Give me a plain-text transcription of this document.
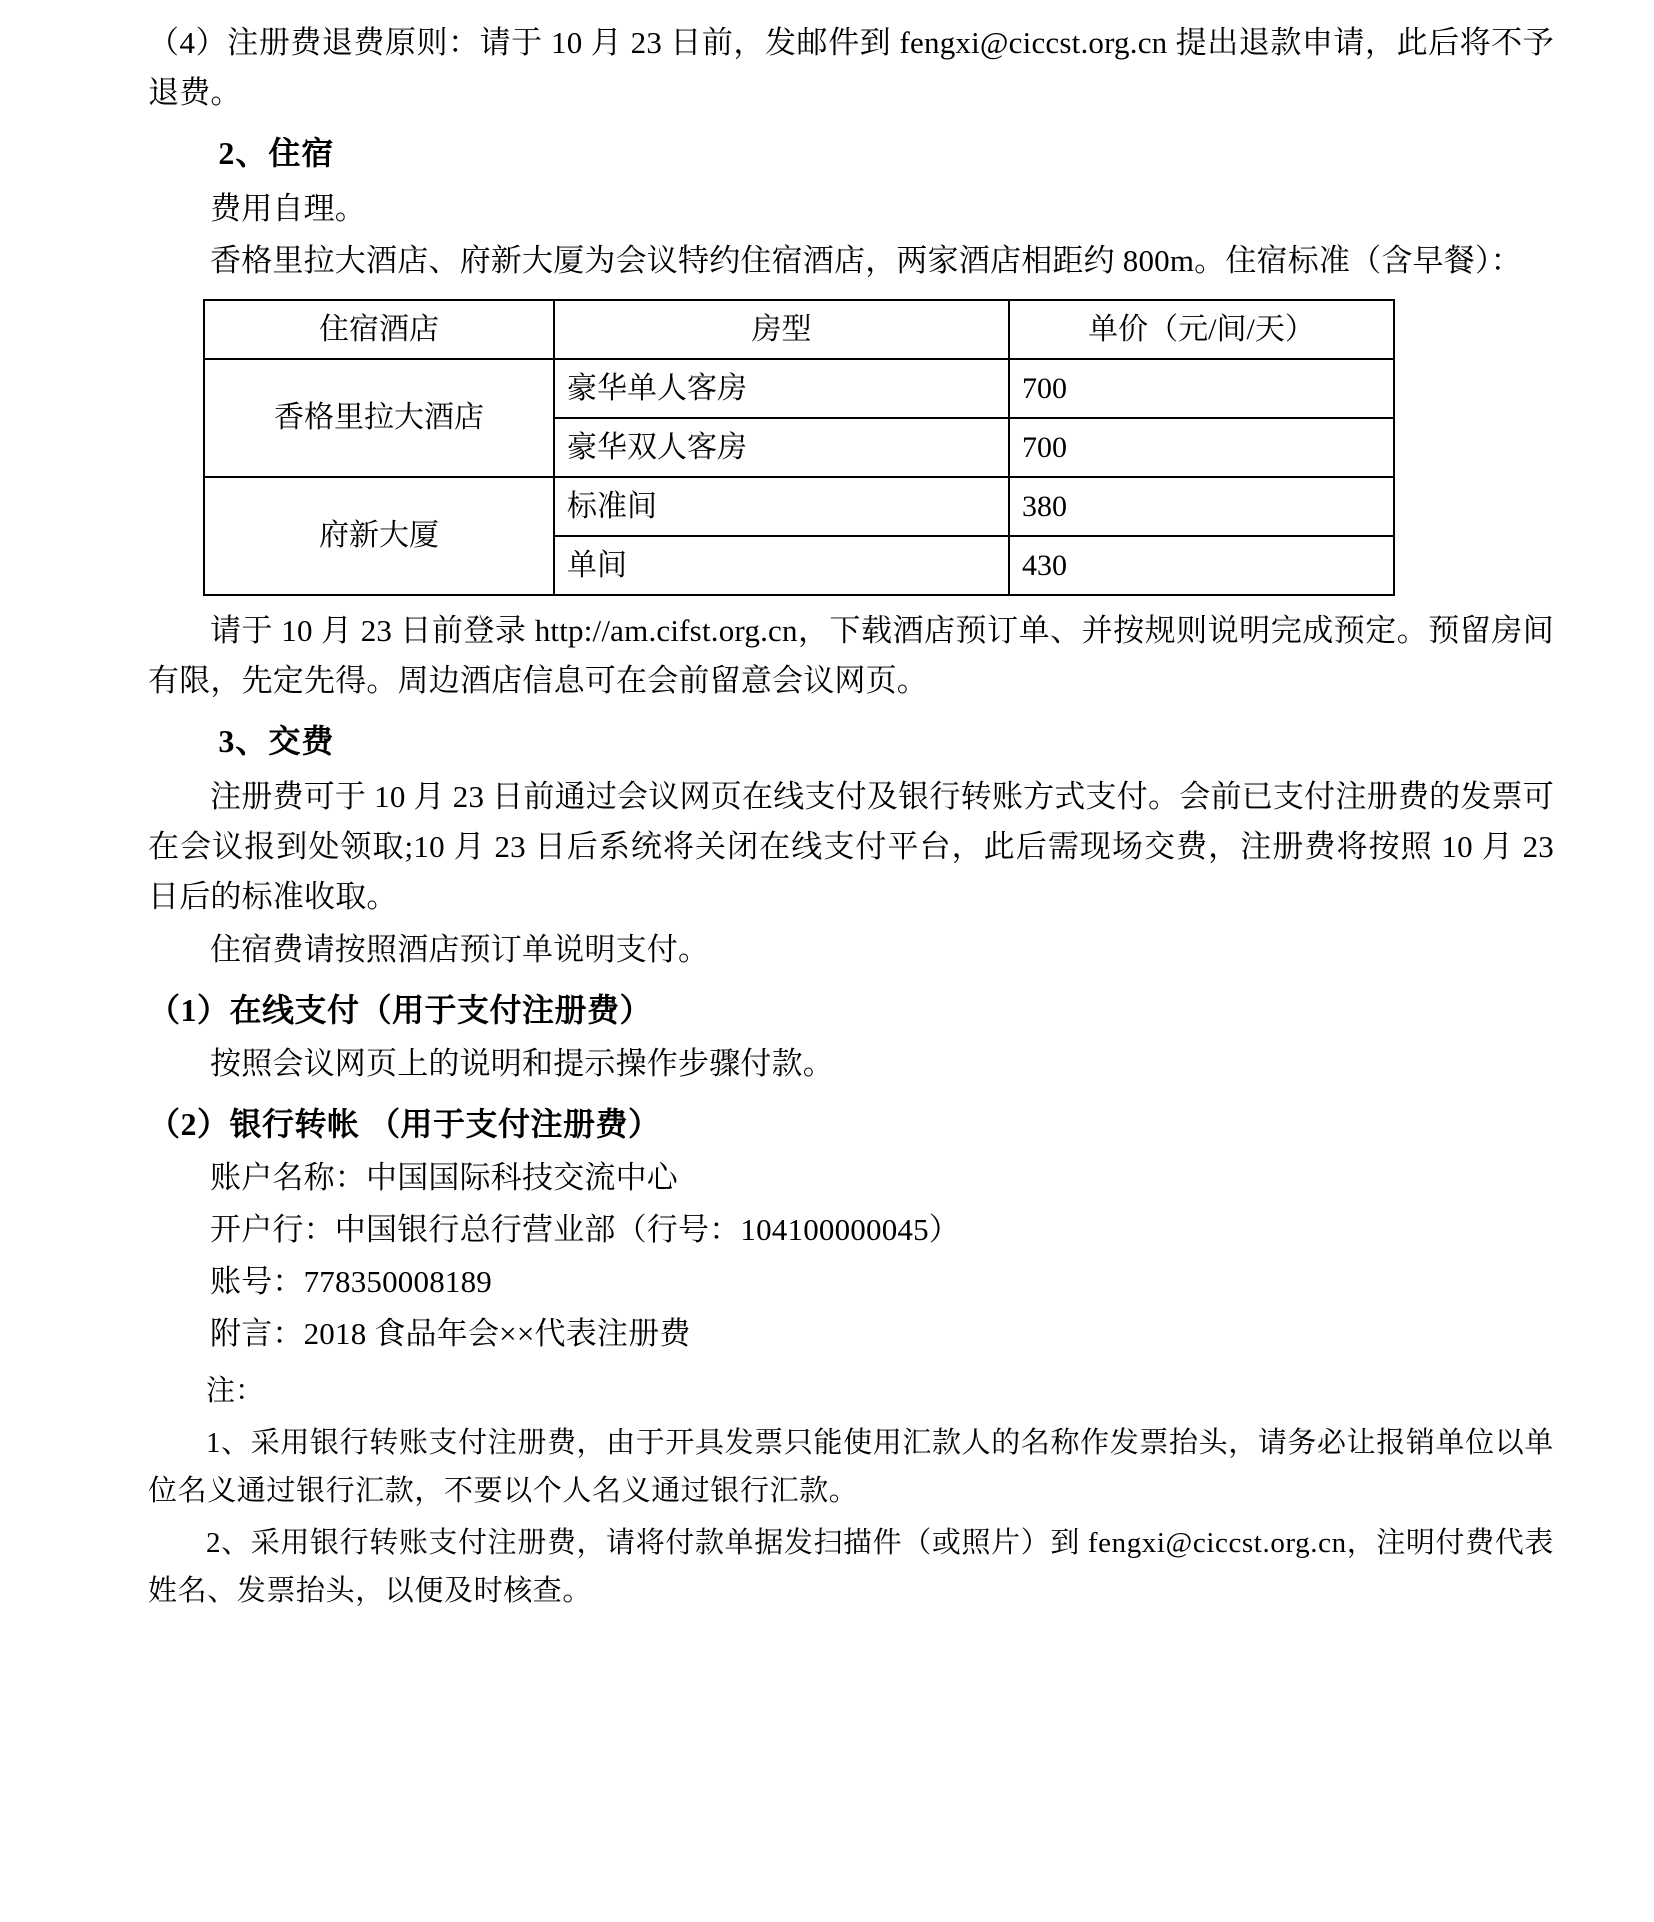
（4）注册费退费原则：请于 10 月 23 日前，发邮件到 fengxi@ciccst.org.cn 提出退款申请，此后将不予退费。

2、住宿

费用自理。

香格里拉大酒店、府新大厦为会议特约住宿酒店，两家酒店相距约 800m。住宿标准（含早餐）：

住宿酒店	房型	单价（元/间/天）
香格里拉大酒店	豪华单人客房	700
	豪华双人客房	700
府新大厦	标准间	380
	单间	430

请于 10 月 23 日前登录 http://am.cifst.org.cn，下载酒店预订单、并按规则说明完成预定。预留房间有限，先定先得。周边酒店信息可在会前留意会议网页。

3、交费

注册费可于 10 月 23 日前通过会议网页在线支付及银行转账方式支付。会前已支付注册费的发票可在会议报到处领取;10 月 23 日后系统将关闭在线支付平台，此后需现场交费，注册费将按照 10 月 23 日后的标准收取。

住宿费请按照酒店预订单说明支付。

（1）在线支付（用于支付注册费）

按照会议网页上的说明和提示操作步骤付款。

（2）银行转帐 （用于支付注册费）

账户名称：中国国际科技交流中心

开户行：中国银行总行营业部（行号：104100000045）

账号：778350008189

附言：2018 食品年会××代表注册费

注：

1、采用银行转账支付注册费，由于开具发票只能使用汇款人的名称作发票抬头，请务必让报销单位以单位名义通过银行汇款，不要以个人名义通过银行汇款。

2、采用银行转账支付注册费，请将付款单据发扫描件（或照片）到 fengxi@ciccst.org.cn，注明付费代表姓名、发票抬头，以便及时核查。
